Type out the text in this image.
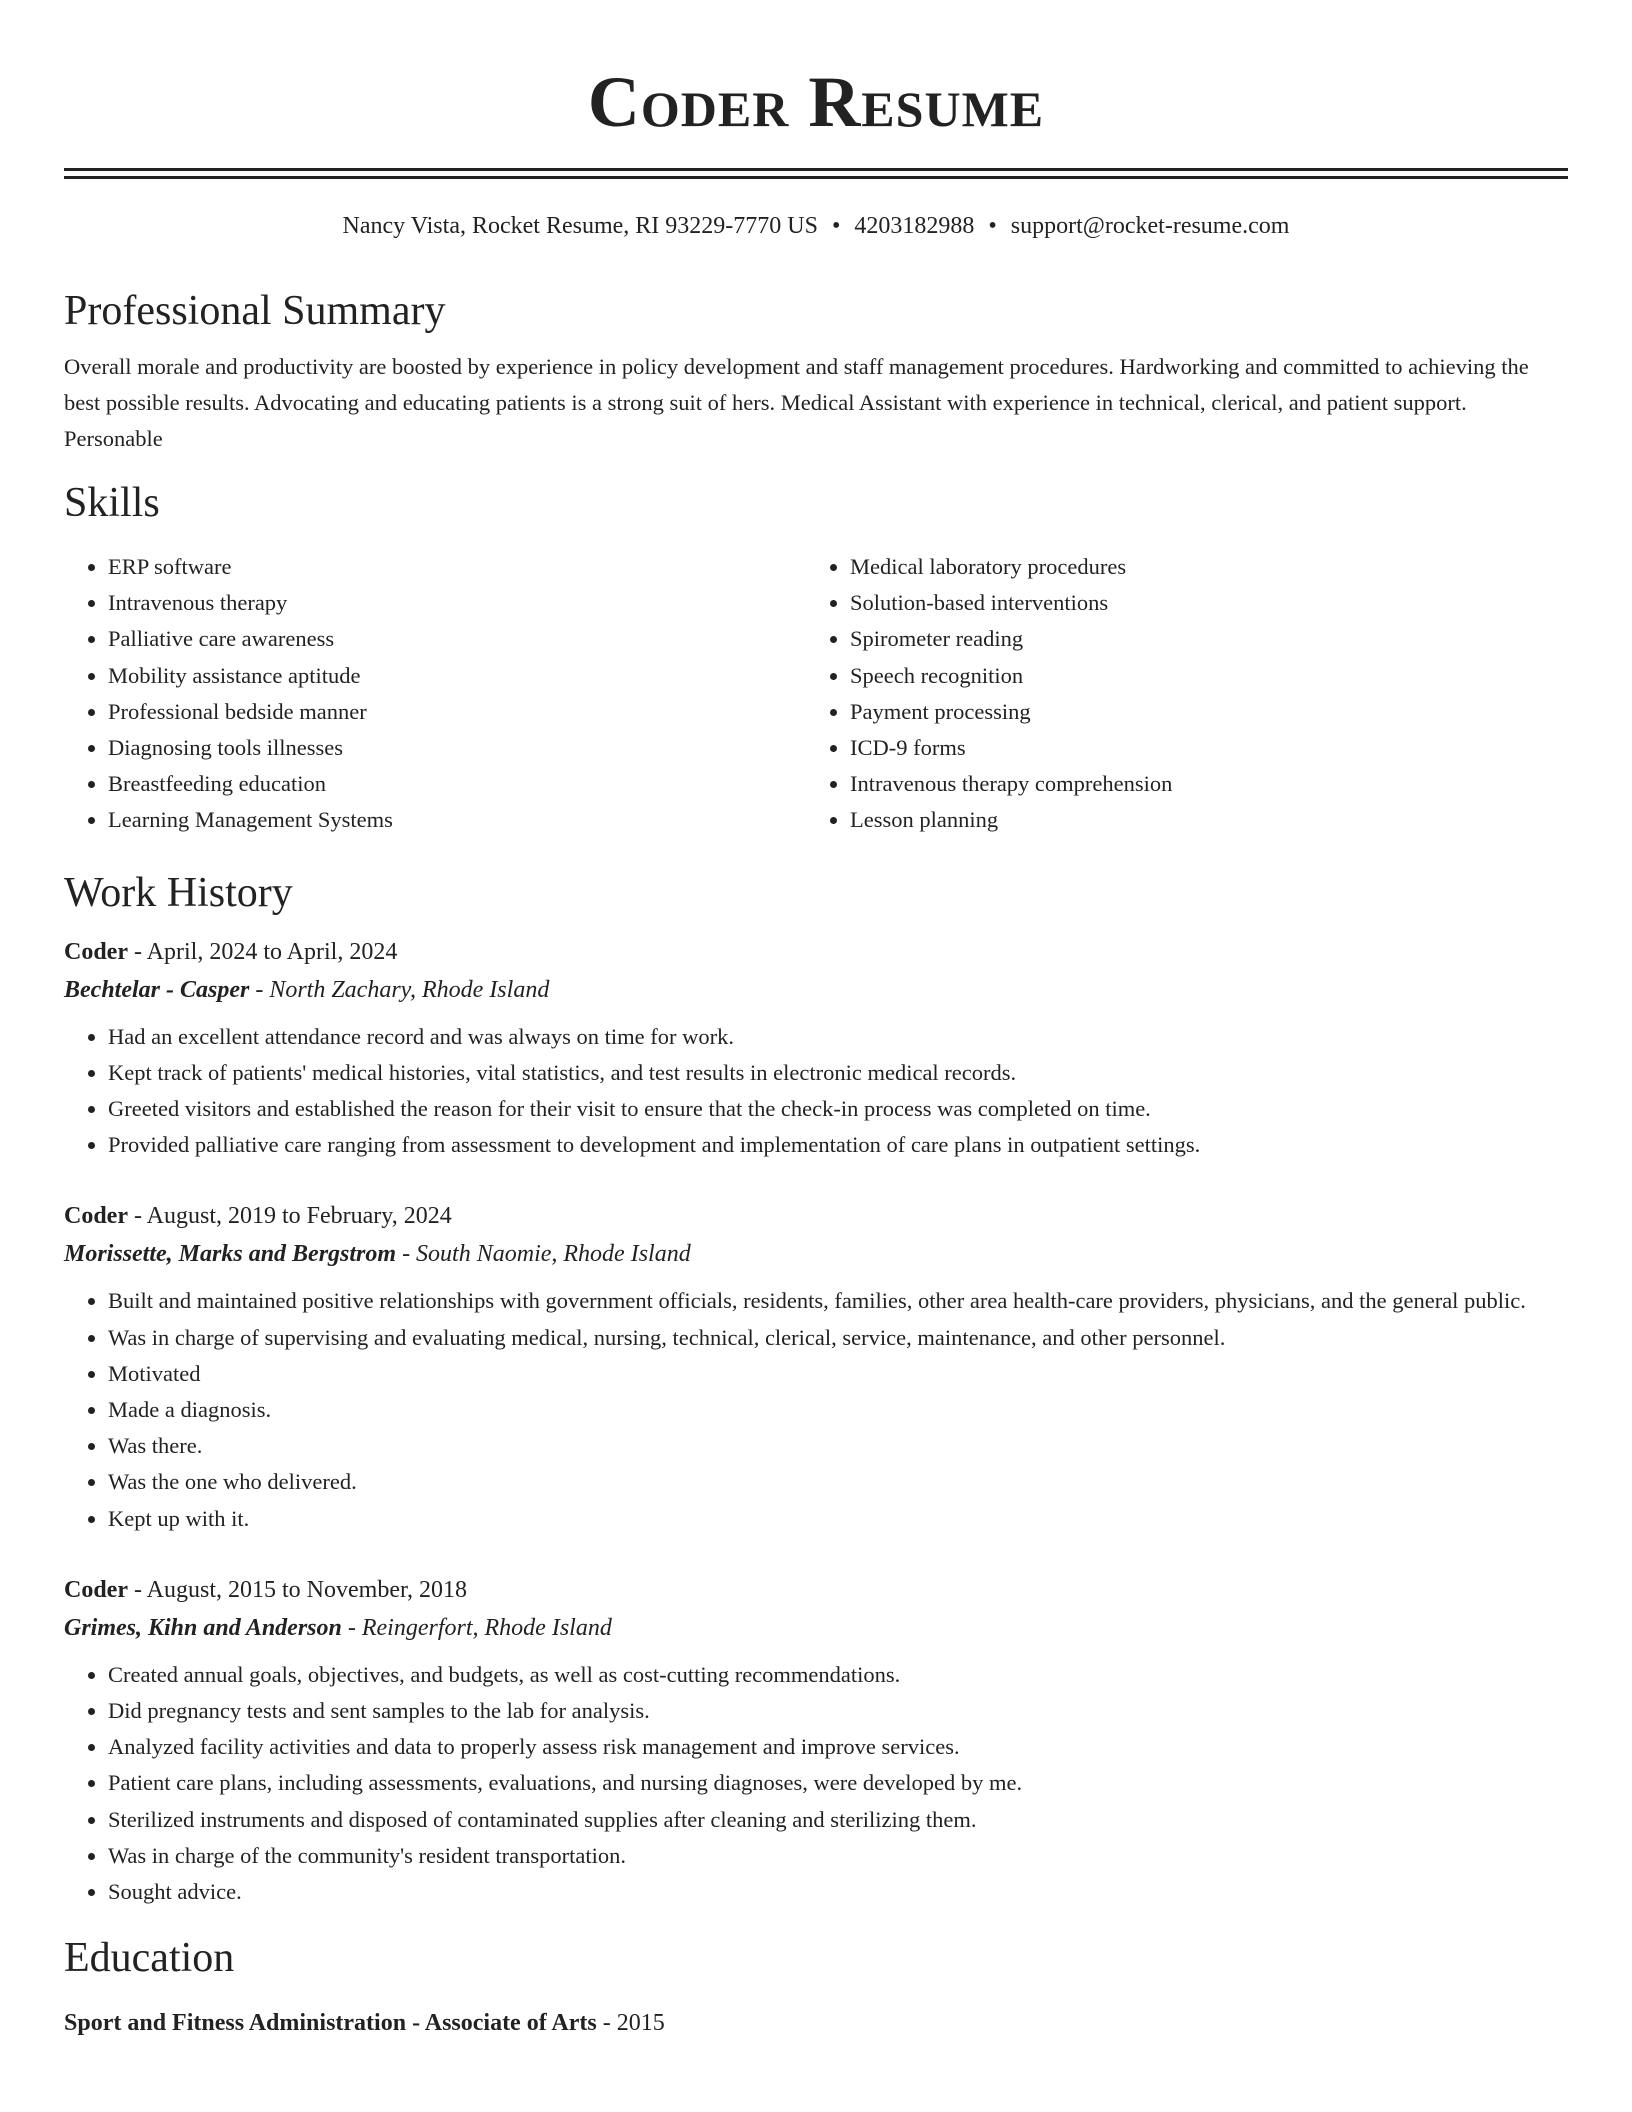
Coder Resume
Nancy Vista, Rocket Resume, RI 93229-7770 US • 4203182988 • support@rocket-resume.com
Professional Summary
Overall morale and productivity are boosted by experience in policy development and staff management procedures. Hardworking and committed to achieving the best possible results. Advocating and educating patients is a strong suit of hers. Medical Assistant with experience in technical, clerical, and patient support. Personable
Skills
• ERP software
• Intravenous therapy
• Palliative care awareness
• Mobility assistance aptitude
• Professional bedside manner
• Diagnosing tools illnesses
• Breastfeeding education
• Learning Management Systems
• Medical laboratory procedures
• Solution-based interventions
• Spirometer reading
• Speech recognition
• Payment processing
• ICD-9 forms
• Intravenous therapy comprehension
• Lesson planning
Work History
Coder - April, 2024 to April, 2024
Bechtelar - Casper - North Zachary, Rhode Island
• Had an excellent attendance record and was always on time for work.
• Kept track of patients' medical histories, vital statistics, and test results in electronic medical records.
• Greeted visitors and established the reason for their visit to ensure that the check-in process was completed on time.
• Provided palliative care ranging from assessment to development and implementation of care plans in outpatient settings.
Coder - August, 2019 to February, 2024
Morissette, Marks and Bergstrom - South Naomie, Rhode Island
• Built and maintained positive relationships with government officials, residents, families, other area health-care providers, physicians, and the general public.
• Was in charge of supervising and evaluating medical, nursing, technical, clerical, service, maintenance, and other personnel.
• Motivated
• Made a diagnosis.
• Was there.
• Was the one who delivered.
• Kept up with it.
Coder - August, 2015 to November, 2018
Grimes, Kihn and Anderson - Reingerfort, Rhode Island
• Created annual goals, objectives, and budgets, as well as cost-cutting recommendations.
• Did pregnancy tests and sent samples to the lab for analysis.
• Analyzed facility activities and data to properly assess risk management and improve services.
• Patient care plans, including assessments, evaluations, and nursing diagnoses, were developed by me.
• Sterilized instruments and disposed of contaminated supplies after cleaning and sterilizing them.
• Was in charge of the community's resident transportation.
• Sought advice.
Education
Sport and Fitness Administration - Associate of Arts - 2015
